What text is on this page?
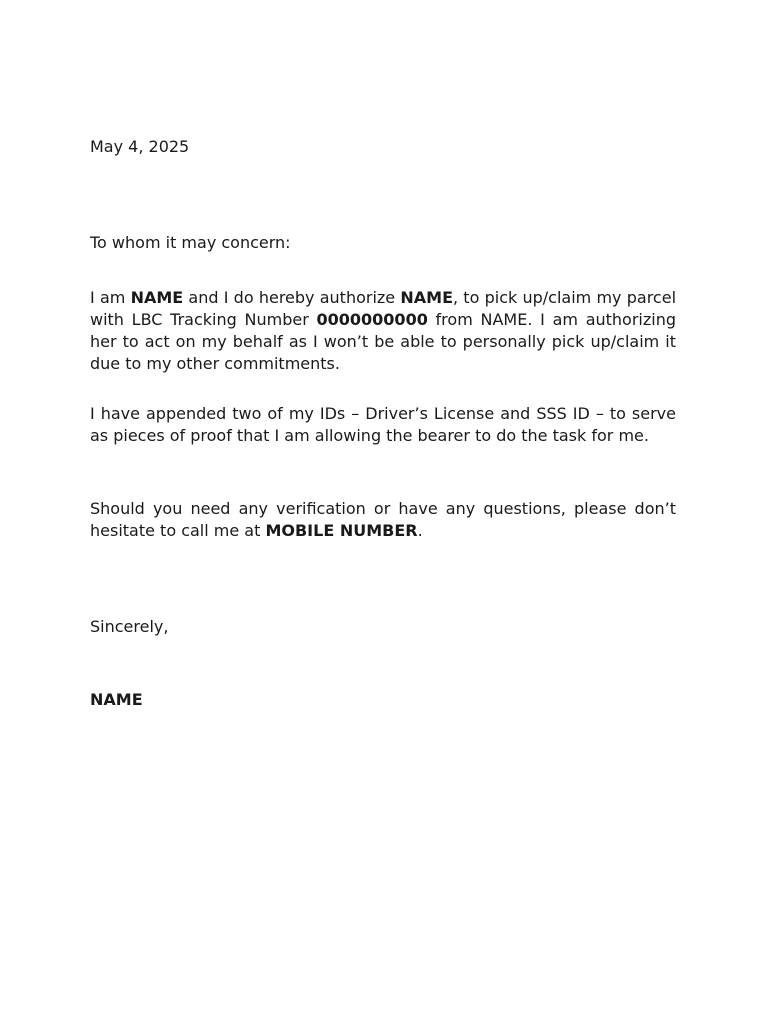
May 4, 2025
To whom it may concern:

I am NAME and I do hereby authorize NAME, to pick up/claim my parcel with LBC Tracking Number 0000000000 from NAME. I am authorizing her to act on my behalf as I won’t be able to personally pick up/claim it due to my other commitments.

I have appended two of my IDs – Driver’s License and SSS ID – to serve as pieces of proof that I am allowing the bearer to do the task for me.

Should you need any verification or have any questions, please don’t hesitate to call me at MOBILE NUMBER.

Sincerely,
NAME
